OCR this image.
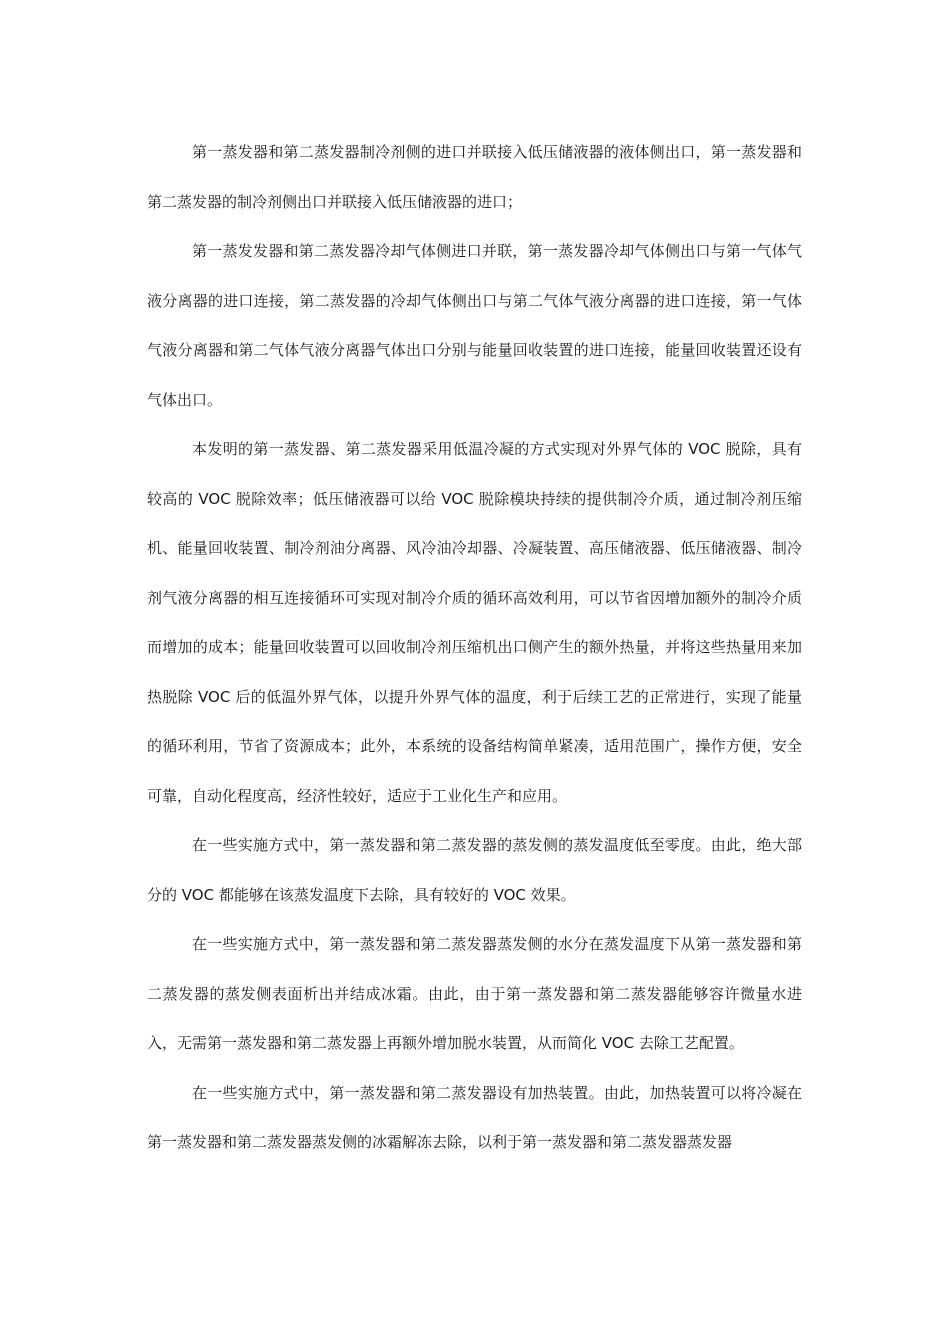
第一蒸发器和第二蒸发器制冷剂侧的进口并联接入低压储液器的液体侧出口，第一蒸发器和第二蒸发器的制冷剂侧出口并联接入低压储液器的进口；

第一蒸发发器和第二蒸发器冷却气体侧进口并联，第一蒸发器冷却气体侧出口与第一气体气液分离器的进口连接，第二蒸发器的冷却气体侧出口与第二气体气液分离器的进口连接，第一气体气液分离器和第二气体气液分离器气体出口分别与能量回收装置的进口连接，能量回收装置还设有气体出口。

本发明的第一蒸发器、第二蒸发器采用低温冷凝的方式实现对外界气体的 VOC 脱除，具有较高的 VOC 脱除效率；低压储液器可以给 VOC 脱除模块持续的提供制冷介质，通过制冷剂压缩机、能量回收装置、制冷剂油分离器、风冷油冷却器、冷凝装置、高压储液器、低压储液器、制冷剂气液分离器的相互连接循环可实现对制冷介质的循环高效利用，可以节省因增加额外的制冷介质而增加的成本；能量回收装置可以回收制冷剂压缩机出口侧产生的额外热量，并将这些热量用来加热脱除 VOC 后的低温外界气体，以提升外界气体的温度，利于后续工艺的正常进行，实现了能量的循环利用，节省了资源成本；此外，本系统的设备结构简单紧凑，适用范围广，操作方便，安全可靠，自动化程度高，经济性较好，适应于工业化生产和应用。

在一些实施方式中，第一蒸发器和第二蒸发器的蒸发侧的蒸发温度低至零度。由此，绝大部分的 VOC 都能够在该蒸发温度下去除，具有较好的 VOC 效果。

在一些实施方式中，第一蒸发器和第二蒸发器蒸发侧的水分在蒸发温度下从第一蒸发器和第二蒸发器的蒸发侧表面析出并结成冰霜。由此，由于第一蒸发器和第二蒸发器能够容许微量水进入，无需第一蒸发器和第二蒸发器上再额外增加脱水装置，从而简化 VOC 去除工艺配置。

在一些实施方式中，第一蒸发器和第二蒸发器设有加热装置。由此，加热装置可以将冷凝在第一蒸发器和第二蒸发器蒸发侧的冰霜解冻去除，以利于第一蒸发器和第二蒸发器蒸发器
